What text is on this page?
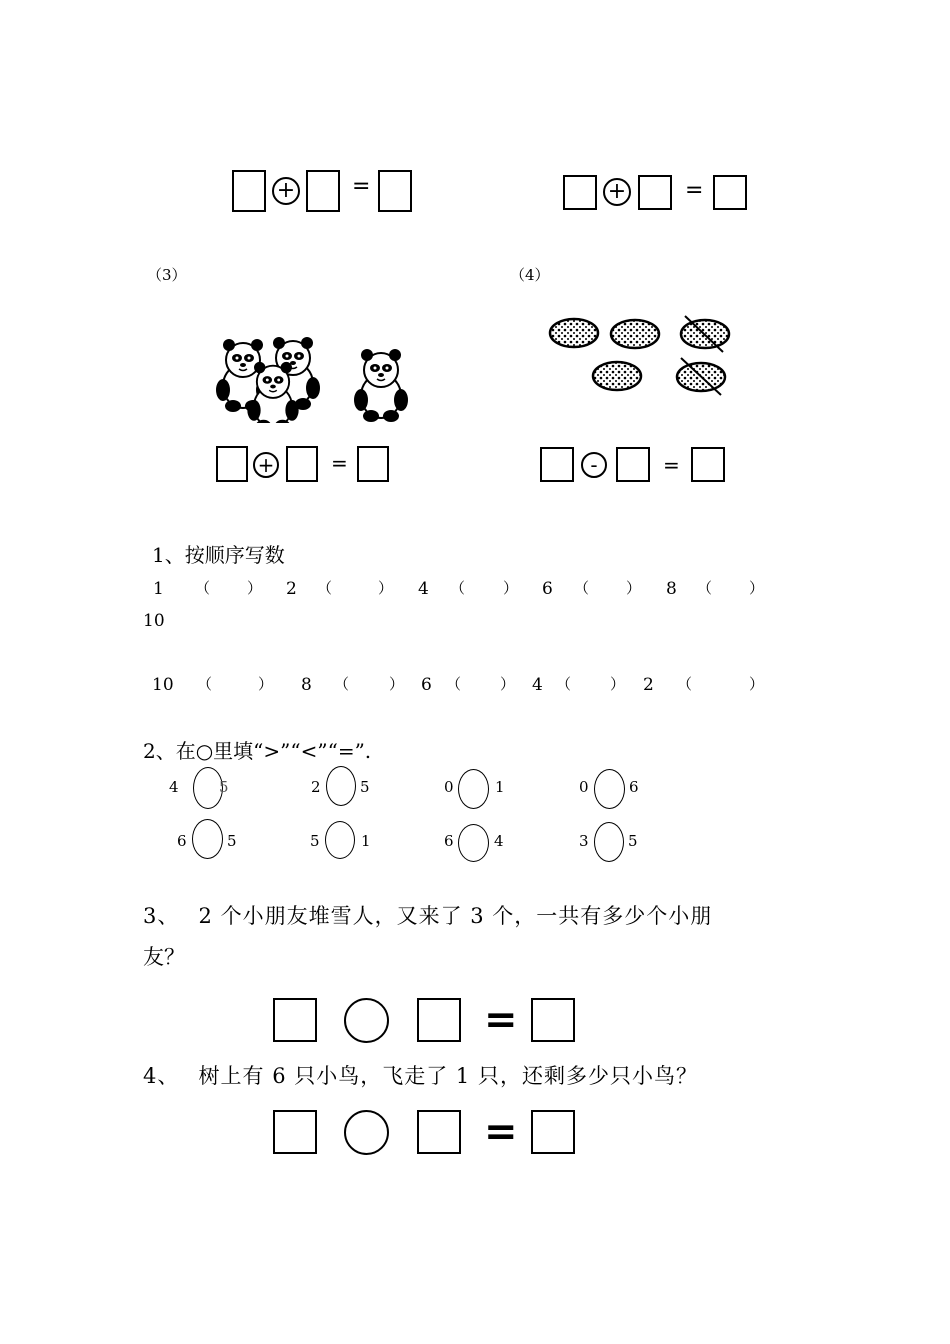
+	=	+	=
（3）	（4）
+	=	-	=
1、按顺序写数
1 （ ） 2 （	） 4 （	） 6 （ ） 8 （ ）
10
10 （	） 8 （	） 6 （	） 4 （	） 2 （	）
2、在○里填“>”“<”“=”.
4	5	2	5	0	1	0	6
6	5	5	1	6	4	3	5
3、　 2 个小朋友堆雪人，又来了 3 个，一共有多少个小朋
友？
=
4、　 树上有 6 只小鸟，飞走了 1 只，还剩多少只小鸟？
=
